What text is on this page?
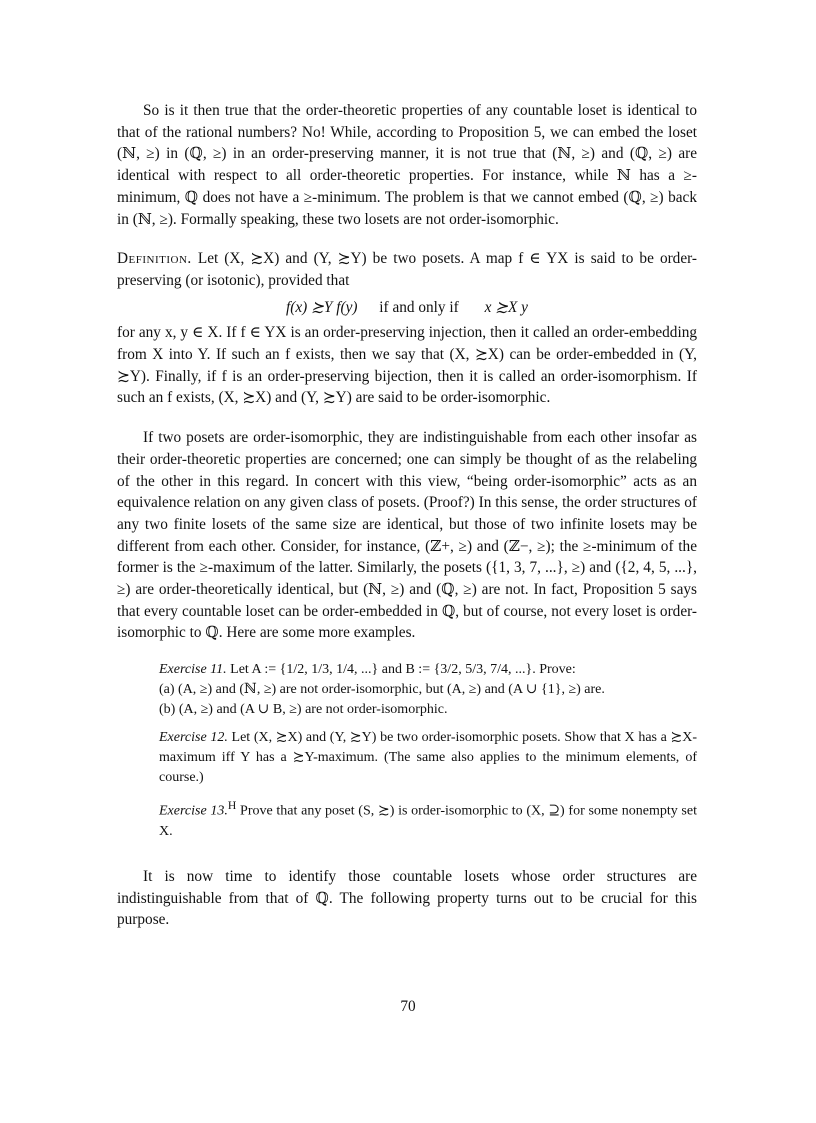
So is it then true that the order-theoretic properties of any countable loset is identical to that of the rational numbers? No! While, according to Proposition 5, we can embed the loset (ℕ, ≥) in (ℚ, ≥) in an order-preserving manner, it is not true that (ℕ, ≥) and (ℚ, ≥) are identical with respect to all order-theoretic properties. For instance, while ℕ has a ≥-minimum, ℚ does not have a ≥-minimum. The problem is that we cannot embed (ℚ, ≥) back in (ℕ, ≥). Formally speaking, these two losets are not order-isomorphic.

Definition. Let (X, ≿X) and (Y, ≿Y) be two posets. A map f ∈ YX is said to be order-preserving (or isotonic), provided that

f(x) ≿Y f(y) if and only if x ≿X y

for any x, y ∈ X. If f ∈ YX is an order-preserving injection, then it called an order-embedding from X into Y. If such an f exists, then we say that (X, ≿X) can be order-embedded in (Y, ≿Y). Finally, if f is an order-preserving bijection, then it is called an order-isomorphism. If such an f exists, (X, ≿X) and (Y, ≿Y) are said to be order-isomorphic.

If two posets are order-isomorphic, they are indistinguishable from each other insofar as their order-theoretic properties are concerned; one can simply be thought of as the relabeling of the other in this regard. In concert with this view, “being order-isomorphic” acts as an equivalence relation on any given class of posets. (Proof?) In this sense, the order structures of any two finite losets of the same size are identical, but those of two infinite losets may be different from each other. Consider, for instance, (ℤ+, ≥) and (ℤ−, ≥); the ≥-minimum of the former is the ≥-maximum of the latter. Similarly, the posets ({1, 3, 7, ...}, ≥) and ({2, 4, 5, ...}, ≥) are order-theoretically identical, but (ℕ, ≥) and (ℚ, ≥) are not. In fact, Proposition 5 says that every countable loset can be order-embedded in ℚ, but of course, not every loset is order-isomorphic to ℚ. Here are some more examples.

Exercise 11. Let A := {1/2, 1/3, 1/4, ...} and B := {3/2, 5/3, 7/4, ...}. Prove:

(a) (A, ≥) and (ℕ, ≥) are not order-isomorphic, but (A, ≥) and (A ∪ {1}, ≥) are.

(b) (A, ≥) and (A ∪ B, ≥) are not order-isomorphic.

Exercise 12. Let (X, ≿X) and (Y, ≿Y) be two order-isomorphic posets. Show that X has a ≿X-maximum iff Y has a ≿Y-maximum. (The same also applies to the minimum elements, of course.)

Exercise 13.$^H$ Prove that any poset (S, ≿) is order-isomorphic to (X, ⊇) for some nonempty set X.

It is now time to identify those countable losets whose order structures are indistinguishable from that of ℚ. The following property turns out to be crucial for this purpose.

70
